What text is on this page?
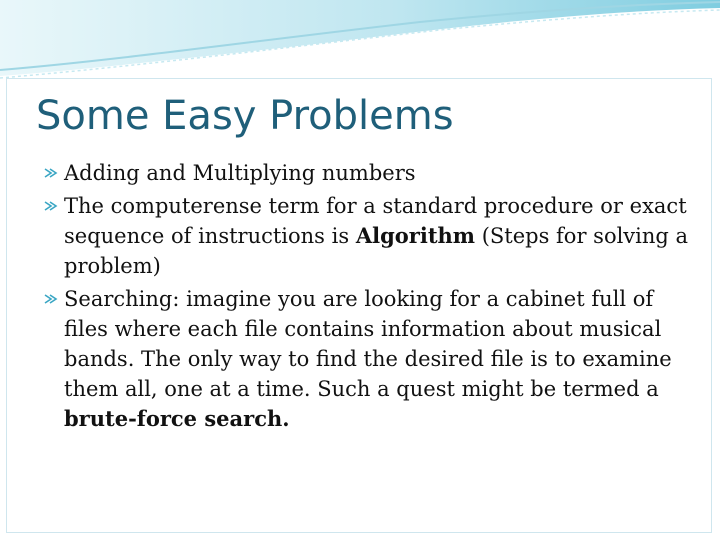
Some Easy Problems
Adding and Multiplying numbers
The computerense term for a standard procedure or exact sequence of instructions is Algorithm (Steps for solving a problem)
Searching: imagine you are looking for a cabinet full of files where each file contains information about musical bands. The only way to find the desired file is to examine them all, one at a time. Such a quest might be termed a brute-force search.
